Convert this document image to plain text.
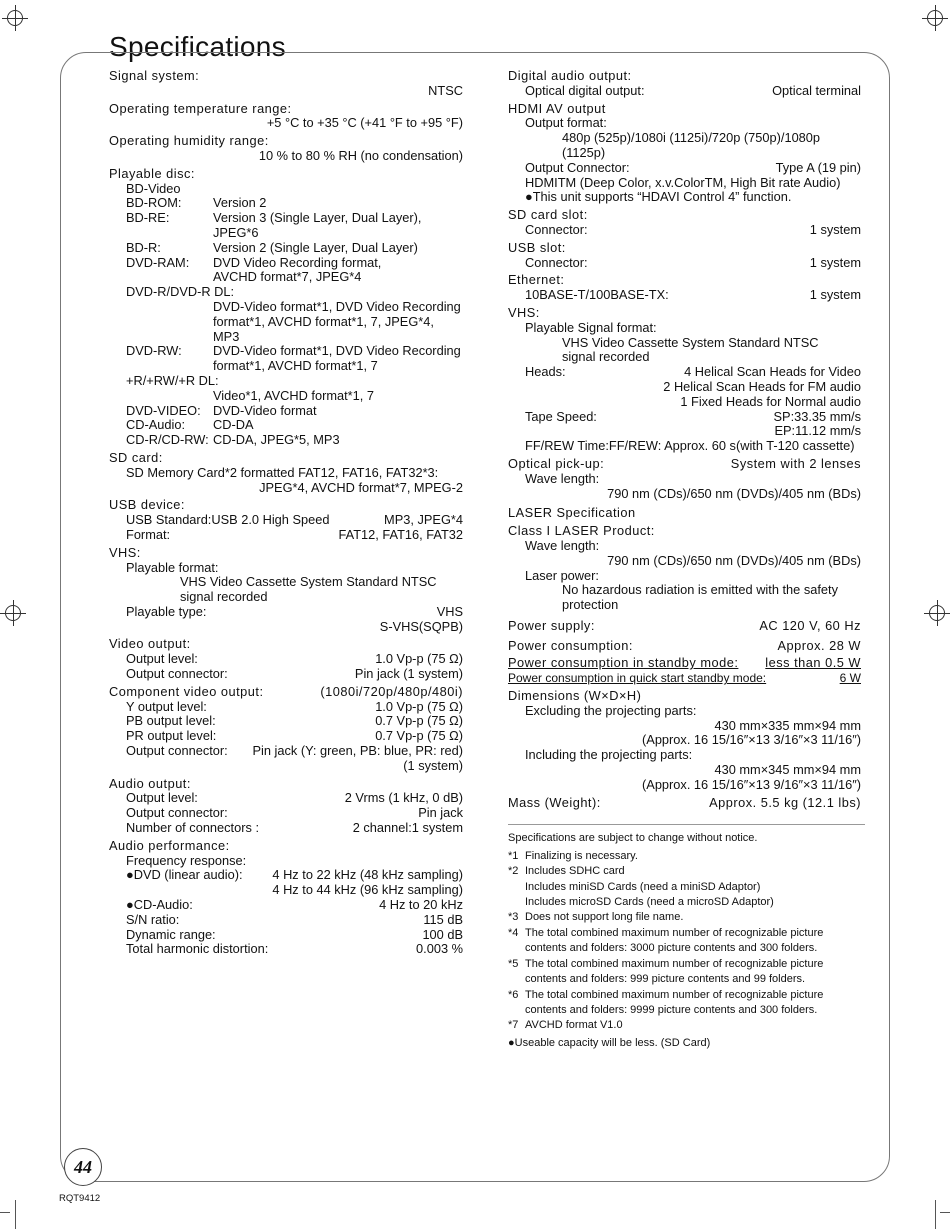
Specifications
Signal system:
NTSC
Operating temperature range:
+5 °C to +35 °C (+41 °F to +95 °F)
Operating humidity range:
10 % to 80 % RH (no condensation)
Playable disc:
BD-Video
BD-ROM:	Version 2
BD-RE:	Version 3 (Single Layer, Dual Layer),
JPEG*6
BD-R:	Version 2 (Single Layer, Dual Layer)
DVD-RAM:	DVD Video Recording format,
AVCHD format*7, JPEG*4
DVD-R/DVD-R DL:
DVD-Video format*1, DVD Video Recording
format*1, AVCHD format*1, 7, JPEG*4, MP3
DVD-RW:	DVD-Video format*1, DVD Video Recording
format*1, AVCHD format*1, 7
+R/+RW/+R DL:
Video*1, AVCHD format*1, 7
DVD-VIDEO: DVD-Video format
CD-Audio:	CD-DA
CD-R/CD-RW: CD-DA, JPEG*5, MP3
SD card:
SD Memory Card*2 formatted FAT12, FAT16, FAT32*3:
JPEG*4, AVCHD format*7, MPEG-2
USB device:
USB Standard:USB 2.0 High Speed	MP3, JPEG*4
Format:	FAT12, FAT16, FAT32
VHS:
Playable format:
VHS Video Cassette System Standard NTSC
signal recorded
Playable type:	VHS
S-VHS(SQPB)
Video output:
Output level:	1.0 Vp-p (75 Ω)
Output connector:	Pin jack (1 system)
Component video output:	(1080i/720p/480p/480i)
Y output level:	1.0 Vp-p (75 Ω)
PB output level:	0.7 Vp-p (75 Ω)
PR output level:	0.7 Vp-p (75 Ω)
Output connector: Pin jack (Y: green, PB: blue, PR: red)
(1 system)
Audio output:
Output level:	2 Vrms (1 kHz, 0 dB)
Output connector:	Pin jack
Number of connectors :	2 channel:1 system
Audio performance:
Frequency response:
●DVD (linear audio): 4 Hz to 22 kHz (48 kHz sampling)
4 Hz to 44 kHz (96 kHz sampling)
●CD-Audio:	4 Hz to 20 kHz
S/N ratio:	115 dB
Dynamic range:	100 dB
Total harmonic distortion:	0.003 %
Digital audio output:
Optical digital output:	Optical terminal
HDMI AV output
Output format:
480p (525p)/1080i (1125i)/720p (750p)/1080p
(1125p)
Output Connector:	Type A (19 pin)
HDMITM (Deep Color, x.v.ColorTM, High Bit rate Audio)
●This unit supports “HDAVI Control 4” function.
SD card slot:
Connector:	1 system
USB slot:
Connector:	1 system
Ethernet:
10BASE-T/100BASE-TX:	1 system
VHS:
Playable Signal format:
VHS Video Cassette System Standard NTSC
signal recorded
Heads:	4 Helical Scan Heads for Video
2 Helical Scan Heads for FM audio
1 Fixed Heads for Normal audio
Tape Speed:	SP:33.35 mm/s
EP:11.12 mm/s
FF/REW Time:FF/REW: Approx. 60 s(with T-120 cassette)
Optical pick-up:	System with 2 lenses
Wave length:
790 nm (CDs)/650 nm (DVDs)/405 nm (BDs)
LASER Specification
Class I LASER Product:
Wave length:
790 nm (CDs)/650 nm (DVDs)/405 nm (BDs)
Laser power:
No hazardous radiation is emitted with the safety
protection
Power supply:	AC 120 V, 60 Hz
Power consumption:	Approx. 28 W
Power consumption in standby mode: less than 0.5 W
Power consumption in quick start standby mode:	6 W
Dimensions (W×D×H)
Excluding the projecting parts:
430 mm×335 mm×94 mm
(Approx. 16 15/16″×13 3/16″×3 11/16″)
Including the projecting parts:
430 mm×345 mm×94 mm
(Approx. 16 15/16″×13 9/16″×3 11/16″)
Mass (Weight):	Approx. 5.5 kg (12.1 lbs)
Specifications are subject to change without notice.
*1 Finalizing is necessary.
*2 Includes SDHC card
Includes miniSD Cards (need a miniSD Adaptor)
Includes microSD Cards (need a microSD Adaptor)
*3 Does not support long file name.
*4 The total combined maximum number of recognizable picture
contents and folders: 3000 picture contents and 300 folders.
*5 The total combined maximum number of recognizable picture
contents and folders: 999 picture contents and 99 folders.
*6 The total combined maximum number of recognizable picture
contents and folders: 9999 picture contents and 300 folders.
*7 AVCHD format V1.0
●Useable capacity will be less. (SD Card)
44
RQT9412
